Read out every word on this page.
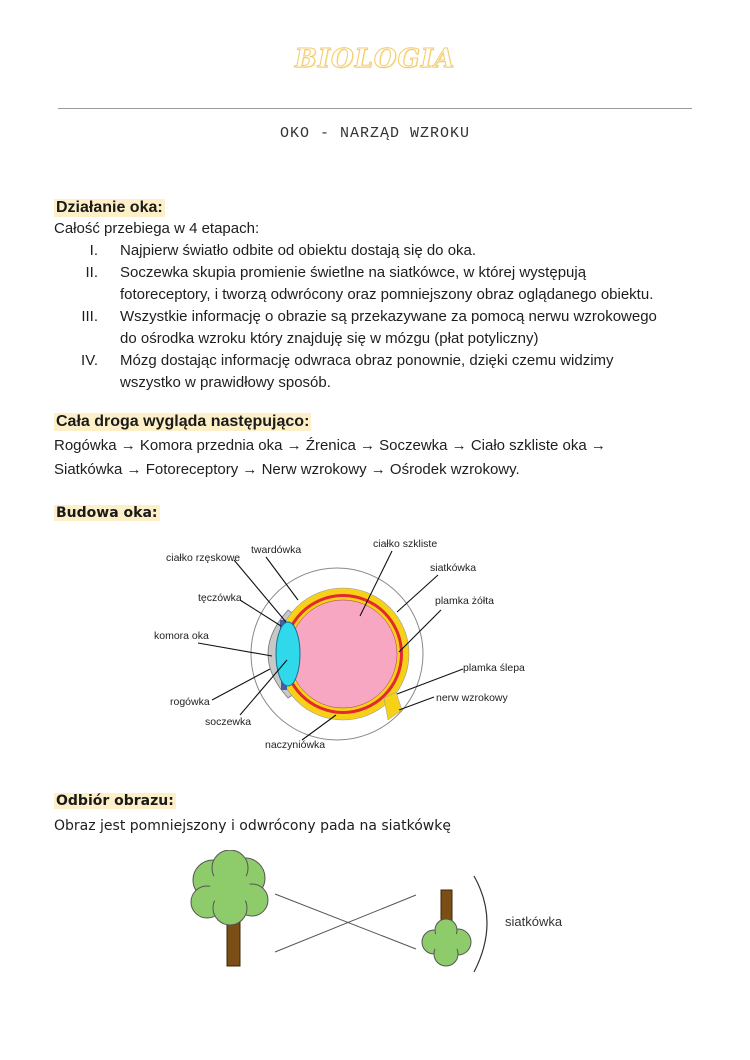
BIOLOGIA
OKO - NARZĄD WZROKU
Działanie oka:
Całość przebiega w 4 etapach:
I.	Najpierw światło odbite od obiektu dostają się do oka.
II.	Soczewka skupia promienie świetlne na siatkówce, w której występują
fotoreceptory, i tworzą odwrócony oraz pomniejszony obraz oglądanego obiektu.
III.	Wszystkie informację o obrazie są przekazywane za pomocą nerwu wzrokowego
do ośrodka wzroku który znajduję się w mózgu (płat potyliczny)
IV.	Mózg dostając informację odwraca obraz ponownie, dzięki czemu widzimy
wszystko w prawidłowy sposób.
Cała droga wygląda następująco:
Rogówka → Komora przednia oka → Źrenica → Soczewka → Ciało szkliste oka →
Siatkówka → Fotoreceptory → Nerw wzrokowy → Ośrodek wzrokowy.
Budowa oka:
ciałko rzęskowe
twardówka	ciałko szkliste
siatkówka
tęczówka	plamka żółta
komora oka
plamka ślepa
nerw wzrokowy
rogówka
soczewka
naczyniówka
Odbiór obrazu:
Obraz jest pomniejszony i odwrócony pada na siatkówkę
siatkówka
